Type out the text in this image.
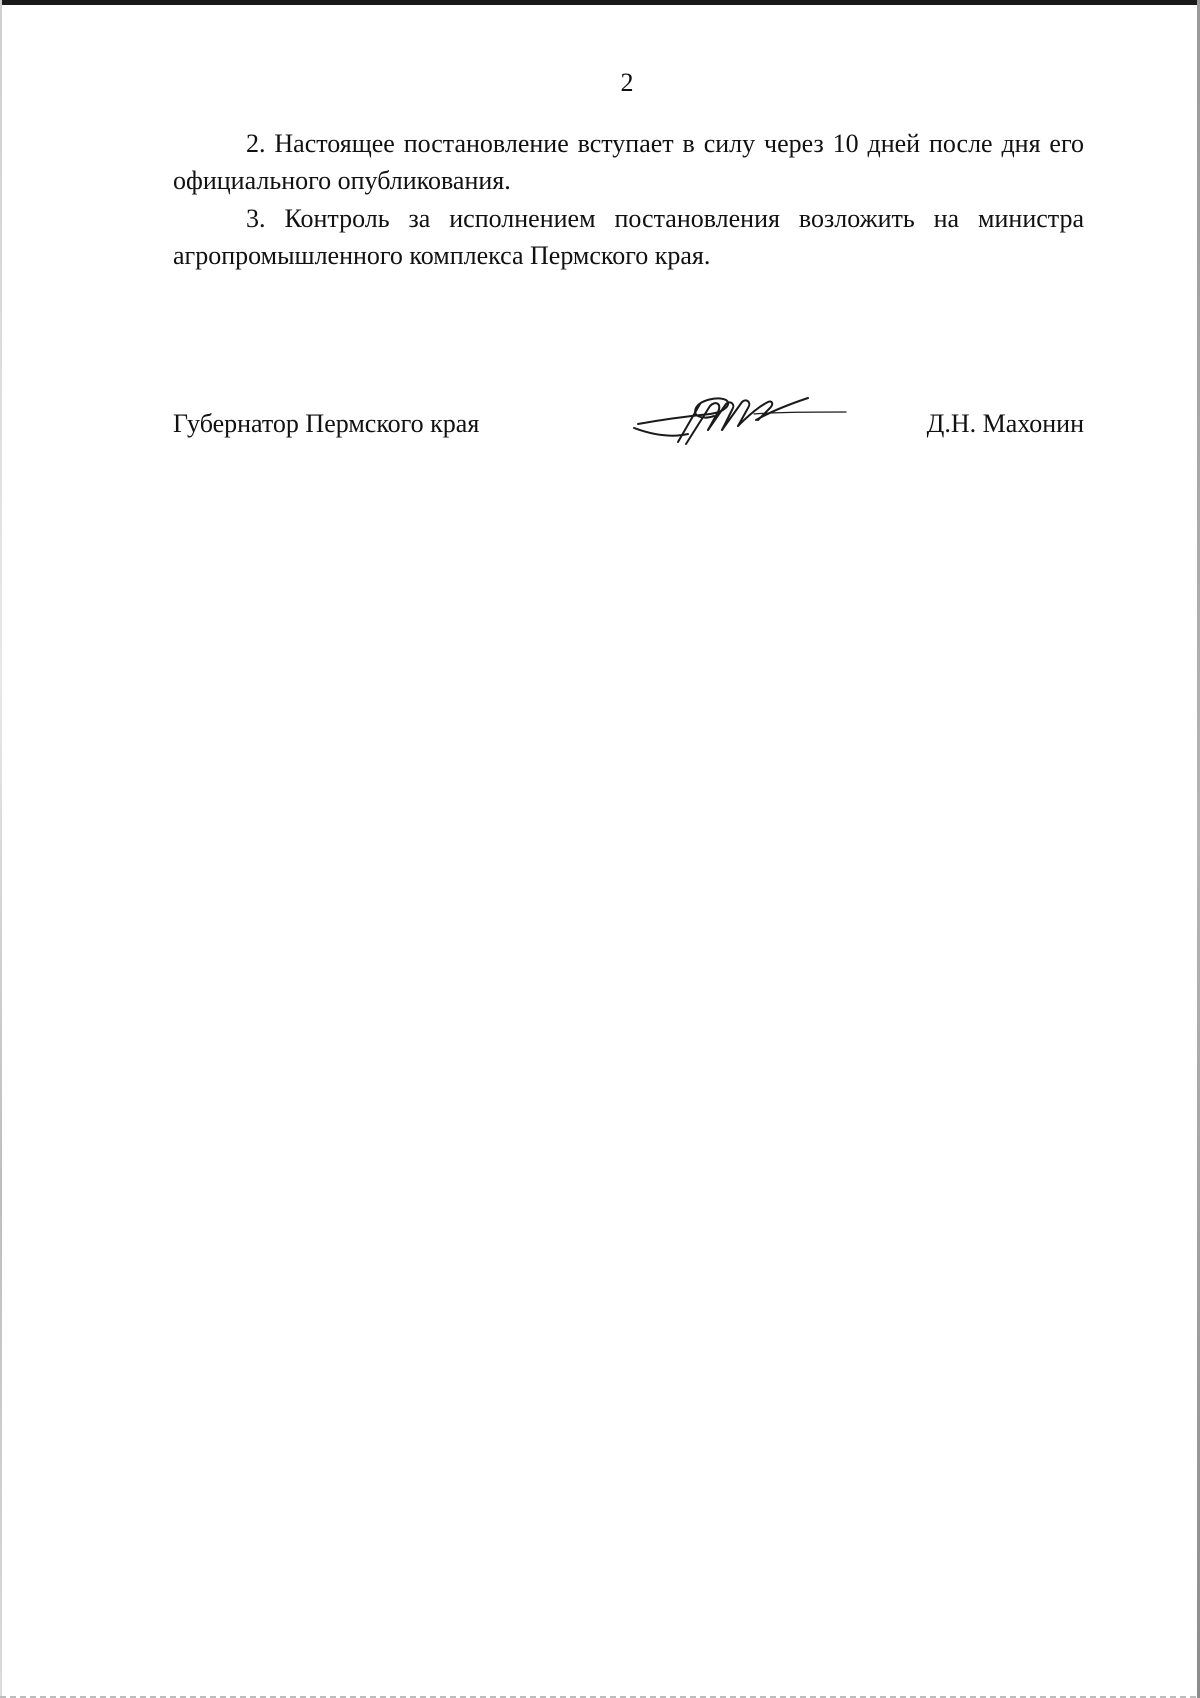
2

2. Настоящее постановление вступает в силу через 10 дней после дня его официального опубликования.

3. Контроль за исполнением постановления возложить на министра агропромышленного комплекса Пермского края.

Губернатор Пермского края	Д.Н. Махонин
